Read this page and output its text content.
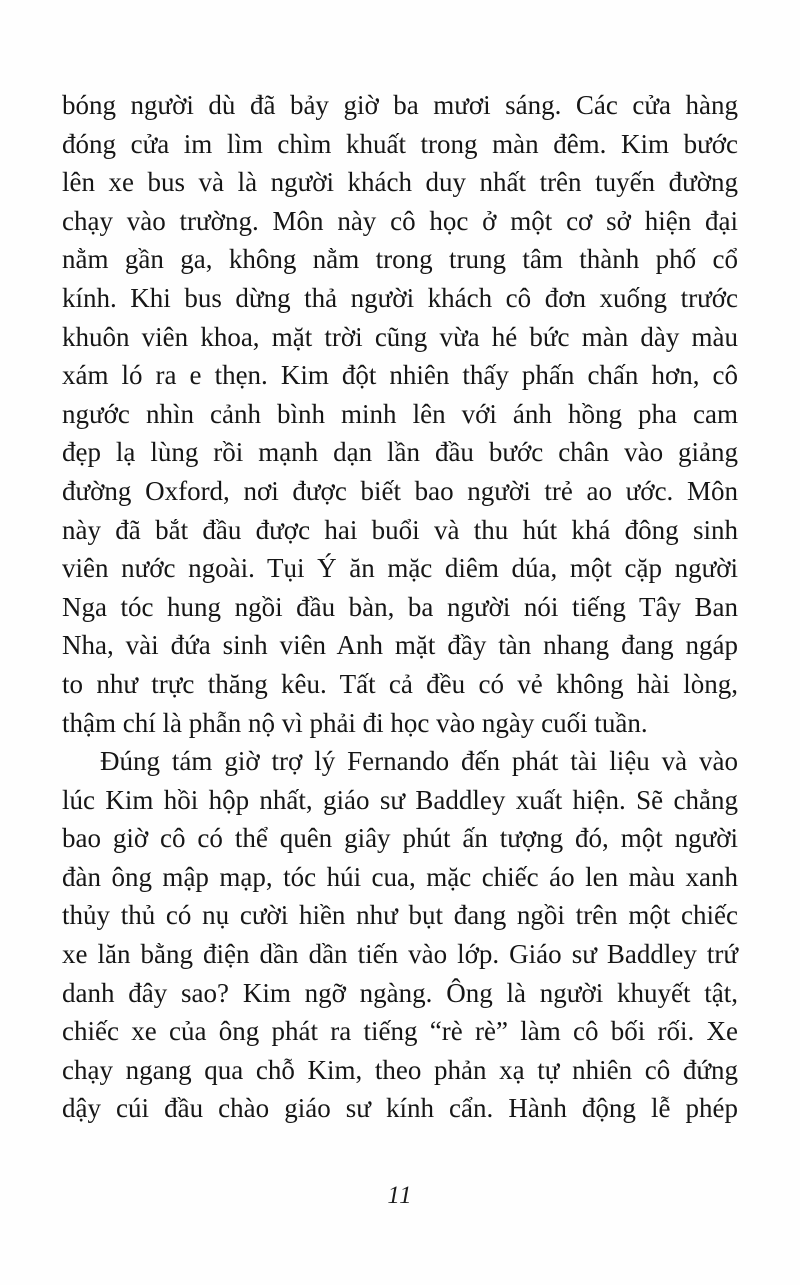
bóng người dù đã bảy giờ ba mươi sáng. Các cửa hàng
đóng cửa im lìm chìm khuất trong màn đêm. Kim bước
lên xe bus và là người khách duy nhất trên tuyến đường
chạy vào trường. Môn này cô học ở một cơ sở hiện đại
nằm gần ga, không nằm trong trung tâm thành phố cổ
kính. Khi bus dừng thả người khách cô đơn xuống trước
khuôn viên khoa, mặt trời cũng vừa hé bức màn dày màu
xám ló ra e thẹn. Kim đột nhiên thấy phấn chấn hơn, cô
ngước nhìn cảnh bình minh lên với ánh hồng pha cam
đẹp lạ lùng rồi mạnh dạn lần đầu bước chân vào giảng
đường Oxford, nơi được biết bao người trẻ ao ước. Môn
này đã bắt đầu được hai buổi và thu hút khá đông sinh
viên nước ngoài. Tụi Ý ăn mặc diêm dúa, một cặp người
Nga tóc hung ngồi đầu bàn, ba người nói tiếng Tây Ban
Nha, vài đứa sinh viên Anh mặt đầy tàn nhang đang ngáp
to như trực thăng kêu. Tất cả đều có vẻ không hài lòng,
thậm chí là phẫn nộ vì phải đi học vào ngày cuối tuần.
Đúng tám giờ trợ lý Fernando đến phát tài liệu và vào
lúc Kim hồi hộp nhất, giáo sư Baddley xuất hiện. Sẽ chẳng
bao giờ cô có thể quên giây phút ấn tượng đó, một người
đàn ông mập mạp, tóc húi cua, mặc chiếc áo len màu xanh
thủy thủ có nụ cười hiền như bụt đang ngồi trên một chiếc
xe lăn bằng điện dần dần tiến vào lớp. Giáo sư Baddley trứ
danh đây sao? Kim ngỡ ngàng. Ông là người khuyết tật,
chiếc xe của ông phát ra tiếng “rè rè” làm cô bối rối. Xe
chạy ngang qua chỗ Kim, theo phản xạ tự nhiên cô đứng
dậy cúi đầu chào giáo sư kính cẩn. Hành động lễ phép
11
